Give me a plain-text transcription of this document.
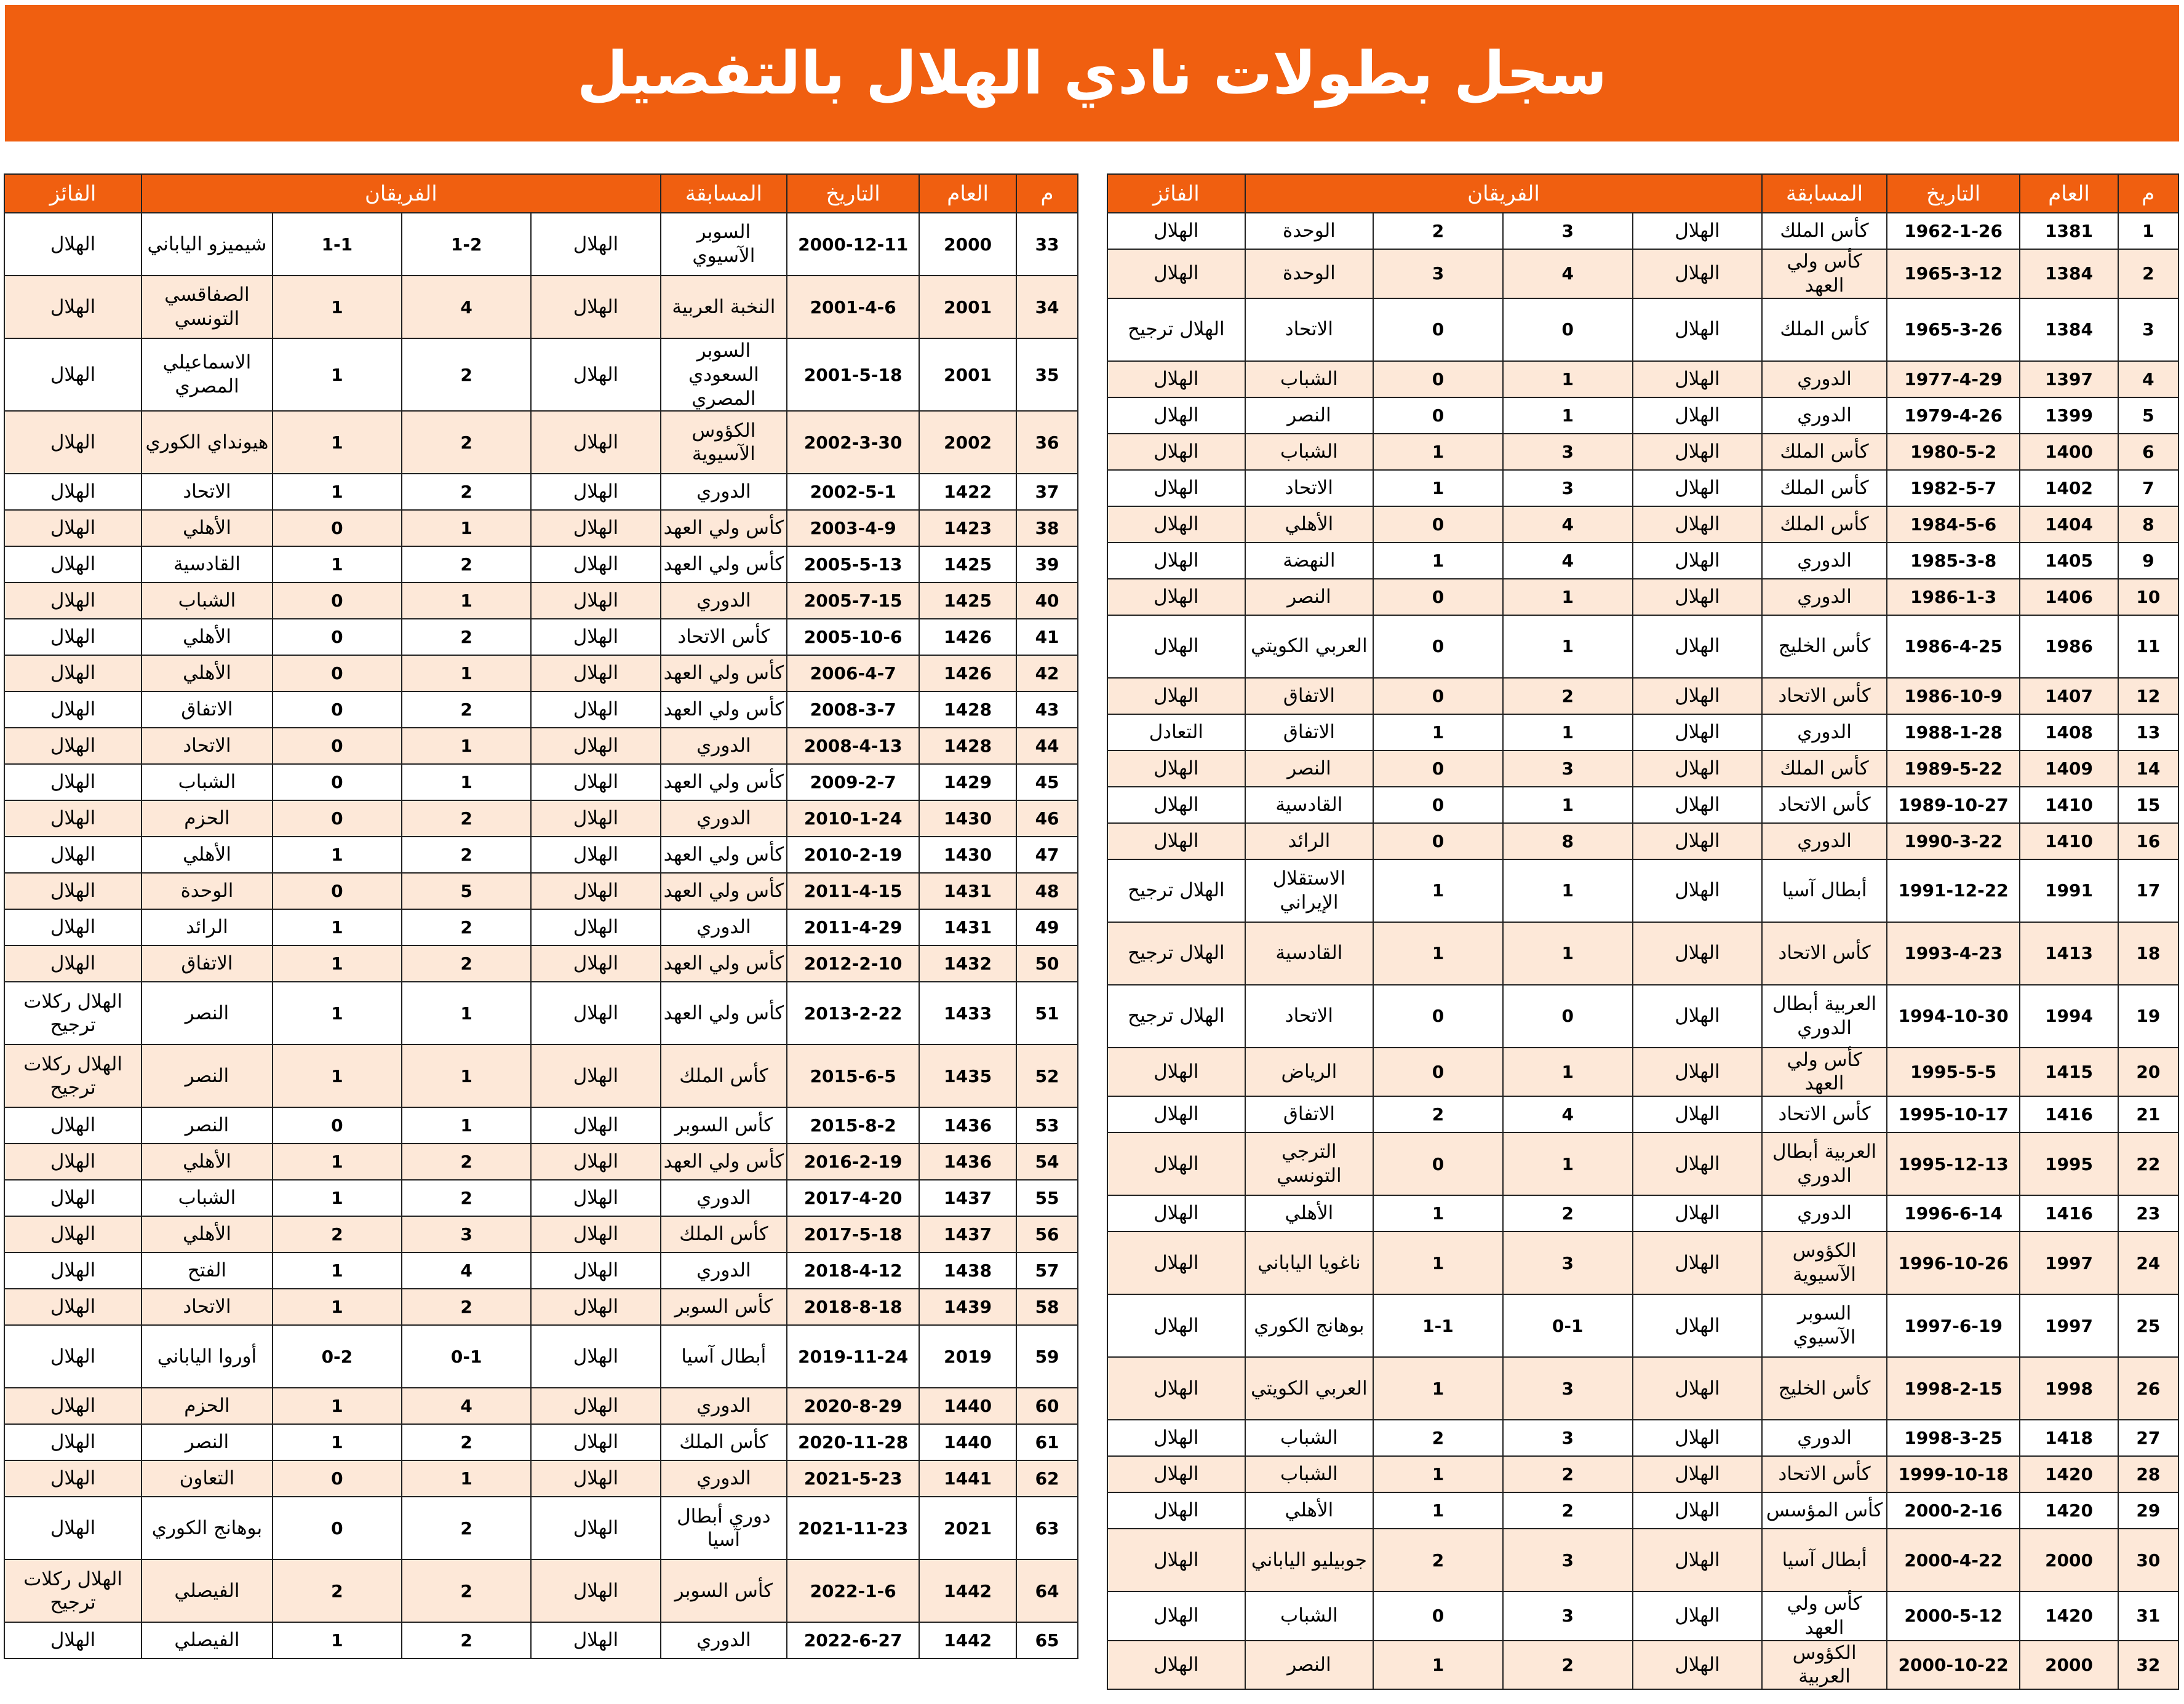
سجل بطولات نادي الهلال بالتفصيل
م	العام	التاريخ	المسابقة	الفريقان				الفائز
1	1381	1962-1-26	كأس الملك	الهلال	3	2	الوحدة	الهلال
2	1384	1965-3-12	كأس ولي العهد	الهلال	4	3	الوحدة	الهلال
3	1384	1965-3-26	كأس الملك	الهلال	0	0	الاتحاد	الهلال ترجيح
4	1397	1977-4-29	الدوري	الهلال	1	0	الشباب	الهلال
5	1399	1979-4-26	الدوري	الهلال	1	0	النصر	الهلال
6	1400	1980-5-2	كأس الملك	الهلال	3	1	الشباب	الهلال
7	1402	1982-5-7	كأس الملك	الهلال	3	1	الاتحاد	الهلال
8	1404	1984-5-6	كأس الملك	الهلال	4	0	الأهلي	الهلال
9	1405	1985-3-8	الدوري	الهلال	4	1	النهضة	الهلال
10	1406	1986-1-3	الدوري	الهلال	1	0	النصر	الهلال
11	1986	1986-4-25	كأس الخليج	الهلال	1	0	العربي الكويتي	الهلال
12	1407	1986-10-9	كأس الاتحاد	الهلال	2	0	الاتفاق	الهلال
13	1408	1988-1-28	الدوري	الهلال	1	1	الاتفاق	التعادل
14	1409	1989-5-22	كأس الملك	الهلال	3	0	النصر	الهلال
15	1410	1989-10-27	كأس الاتحاد	الهلال	1	0	القادسية	الهلال
16	1410	1990-3-22	الدوري	الهلال	8	0	الرائد	الهلال
17	1991	1991-12-22	أبطال آسيا	الهلال	1	1	الاستقلال الإيراني	الهلال ترجيح
18	1413	1993-4-23	كأس الاتحاد	الهلال	1	1	القادسية	الهلال ترجيح
19	1994	1994-10-30	العربية أبطال الدوري	الهلال	0	0	الاتحاد	الهلال ترجيح
20	1415	1995-5-5	كأس ولي العهد	الهلال	1	0	الرياض	الهلال
21	1416	1995-10-17	كأس الاتحاد	الهلال	4	2	الاتفاق	الهلال
22	1995	1995-12-13	العربية أبطال الدوري	الهلال	1	0	الترجي التونسي	الهلال
23	1416	1996-6-14	الدوري	الهلال	2	1	الأهلي	الهلال
24	1997	1996-10-26	الكؤوس الآسيوية	الهلال	3	1	ناغويا الياباني	الهلال
25	1997	1997-6-19	السوبر الآسيوي	الهلال	0-1	1-1	بوهانج الكوري	الهلال
26	1998	1998-2-15	كأس الخليج	الهلال	3	1	العربي الكويتي	الهلال
27	1418	1998-3-25	الدوري	الهلال	3	2	الشباب	الهلال
28	1420	1999-10-18	كأس الاتحاد	الهلال	2	1	الشباب	الهلال
29	1420	2000-2-16	كأس المؤسس	الهلال	2	1	الأهلي	الهلال
30	2000	2000-4-22	أبطال آسيا	الهلال	3	2	جوبيليو الياباني	الهلال
31	1420	2000-5-12	كأس ولي العهد	الهلال	3	0	الشباب	الهلال
32	2000	2000-10-22	الكؤوس العربية	الهلال	2	1	النصر	الهلال
م	العام	التاريخ	المسابقة	الفريقان				الفائز
33	2000	2000-12-11	السوبر الآسيوي	الهلال	1-2	1-1	شيميزو الياباني	الهلال
34	2001	2001-4-6	النخبة العربية	الهلال	4	1	الصفاقسي التونسي	الهلال
35	2001	2001-5-18	السوبر السعودي المصري	الهلال	2	1	الاسماعيلي المصري	الهلال
36	2002	2002-3-30	الكؤوس الآسيوية	الهلال	2	1	هيونداي الكوري	الهلال
37	1422	2002-5-1	الدوري	الهلال	2	1	الاتحاد	الهلال
38	1423	2003-4-9	كأس ولي العهد	الهلال	1	0	الأهلي	الهلال
39	1425	2005-5-13	كأس ولي العهد	الهلال	2	1	القادسية	الهلال
40	1425	2005-7-15	الدوري	الهلال	1	0	الشباب	الهلال
41	1426	2005-10-6	كأس الاتحاد	الهلال	2	0	الأهلي	الهلال
42	1426	2006-4-7	كأس ولي العهد	الهلال	1	0	الأهلي	الهلال
43	1428	2008-3-7	كأس ولي العهد	الهلال	2	0	الاتفاق	الهلال
44	1428	2008-4-13	الدوري	الهلال	1	0	الاتحاد	الهلال
45	1429	2009-2-7	كأس ولي العهد	الهلال	1	0	الشباب	الهلال
46	1430	2010-1-24	الدوري	الهلال	2	0	الحزم	الهلال
47	1430	2010-2-19	كأس ولي العهد	الهلال	2	1	الأهلي	الهلال
48	1431	2011-4-15	كأس ولي العهد	الهلال	5	0	الوحدة	الهلال
49	1431	2011-4-29	الدوري	الهلال	2	1	الرائد	الهلال
50	1432	2012-2-10	كأس ولي العهد	الهلال	2	1	الاتفاق	الهلال
51	1433	2013-2-22	كأس ولي العهد	الهلال	1	1	النصر	الهلال ركلات ترجيح
52	1435	2015-6-5	كأس الملك	الهلال	1	1	النصر	الهلال ركلات ترجيح
53	1436	2015-8-2	كأس السوبر	الهلال	1	0	النصر	الهلال
54	1436	2016-2-19	كأس ولي العهد	الهلال	2	1	الأهلي	الهلال
55	1437	2017-4-20	الدوري	الهلال	2	1	الشباب	الهلال
56	1437	2017-5-18	كأس الملك	الهلال	3	2	الأهلي	الهلال
57	1438	2018-4-12	الدوري	الهلال	4	1	الفتح	الهلال
58	1439	2018-8-18	كأس السوبر	الهلال	2	1	الاتحاد	الهلال
59	2019	2019-11-24	أبطال آسيا	الهلال	0-1	0-2	أوروا الياباني	الهلال
60	1440	2020-8-29	الدوري	الهلال	4	1	الحزم	الهلال
61	1440	2020-11-28	كأس الملك	الهلال	2	1	النصر	الهلال
62	1441	2021-5-23	الدوري	الهلال	1	0	التعاون	الهلال
63	2021	2021-11-23	دوري أبطال آسيا	الهلال	2	0	بوهانج الكوري	الهلال
64	1442	2022-1-6	كأس السوبر	الهلال	2	2	الفيصلي	الهلال ركلات ترجيح
65	1442	2022-6-27	الدوري	الهلال	2	1	الفيصلي	الهلال
